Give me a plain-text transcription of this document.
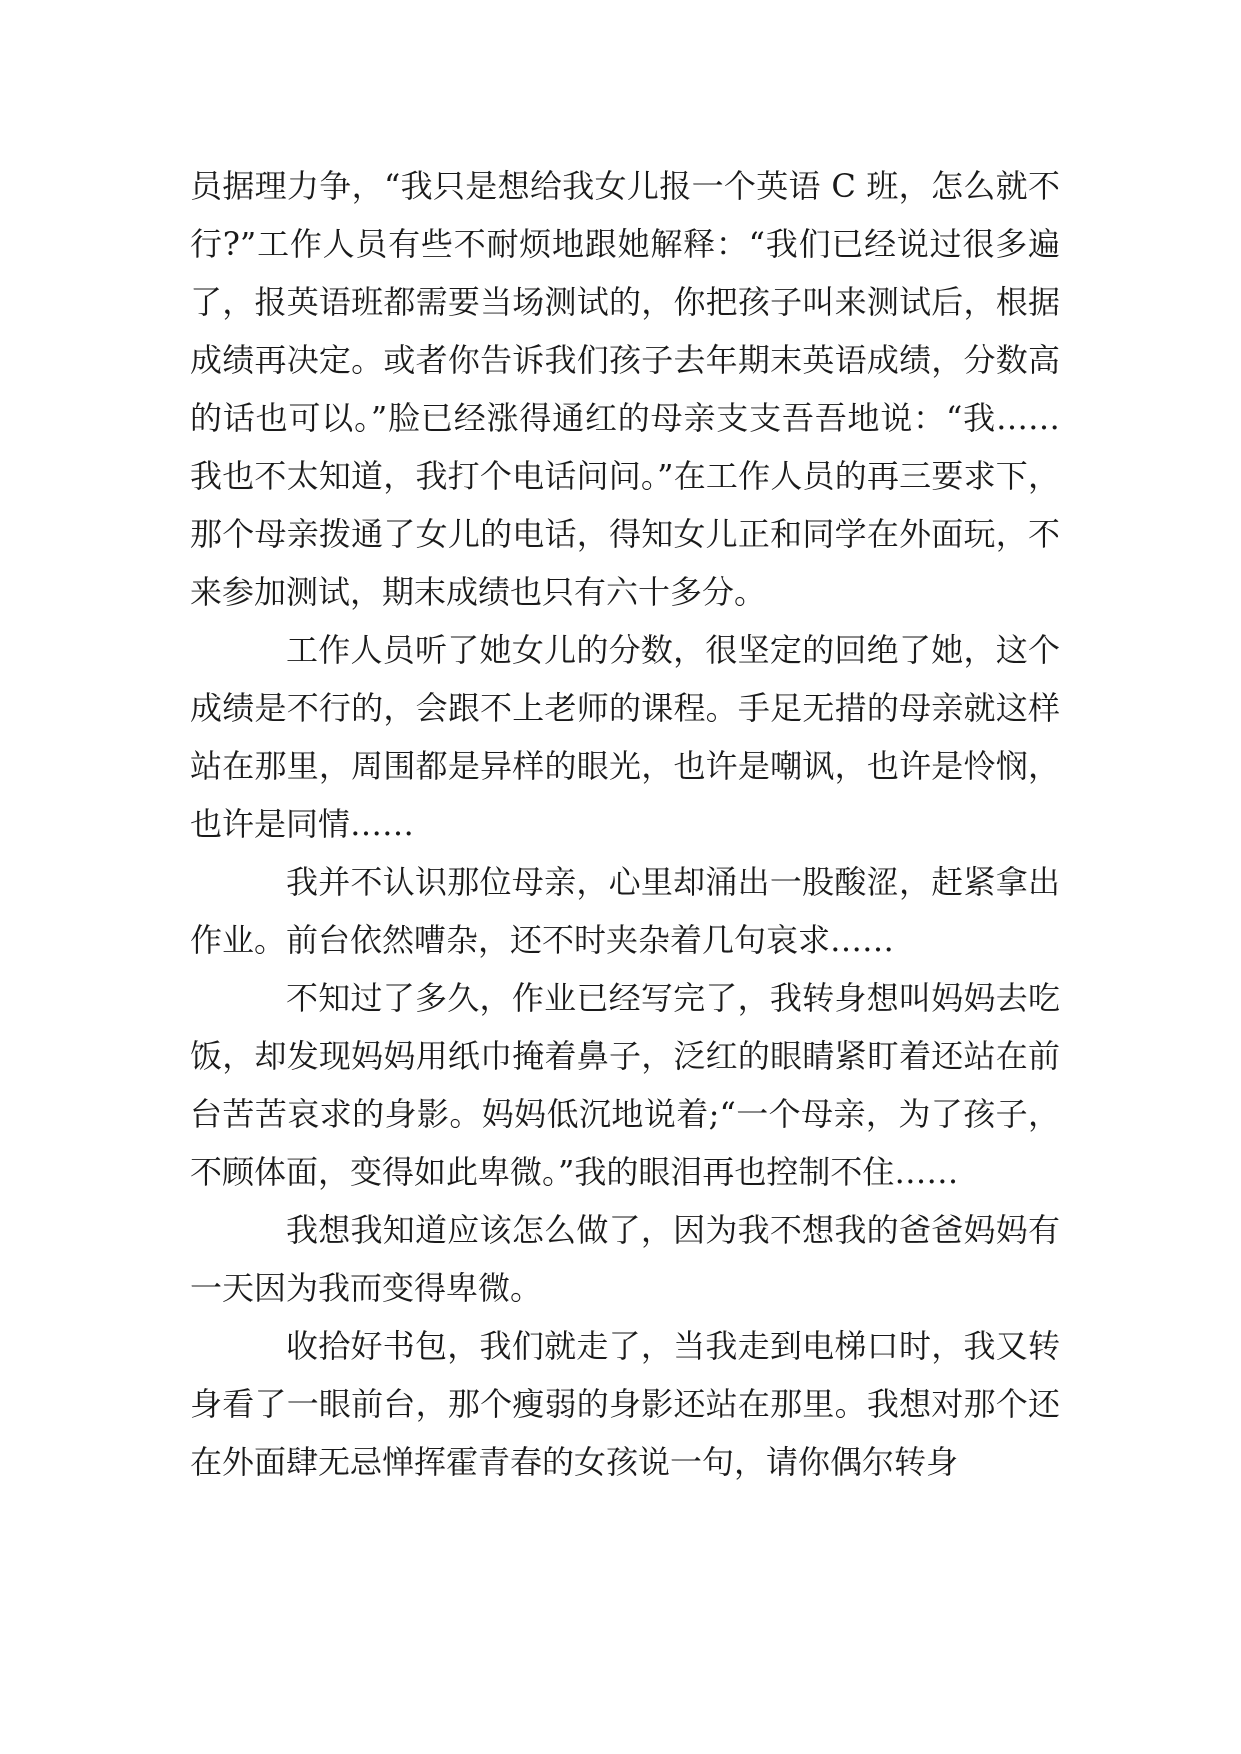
员据理力争，“我只是想给我女儿报一个英语 C 班，怎么就不行?”工作人员有些不耐烦地跟她解释：“我们已经说过很多遍了，报英语班都需要当场测试的，你把孩子叫来测试后，根据成绩再决定。或者你告诉我们孩子去年期末英语成绩，分数高的话也可以。”脸已经涨得通红的母亲支支吾吾地说：“我……我也不太知道，我打个电话问问。”在工作人员的再三要求下，那个母亲拨通了女儿的电话，得知女儿正和同学在外面玩，不来参加测试，期末成绩也只有六十多分。

工作人员听了她女儿的分数，很坚定的回绝了她，这个成绩是不行的，会跟不上老师的课程。手足无措的母亲就这样站在那里，周围都是异样的眼光，也许是嘲讽，也许是怜悯，也许是同情……

我并不认识那位母亲，心里却涌出一股酸涩，赶紧拿出作业。前台依然嘈杂，还不时夹杂着几句哀求……

不知过了多久，作业已经写完了，我转身想叫妈妈去吃饭，却发现妈妈用纸巾掩着鼻子，泛红的眼睛紧盯着还站在前台苦苦哀求的身影。妈妈低沉地说着;“一个母亲，为了孩子，不顾体面，变得如此卑微。”我的眼泪再也控制不住……

我想我知道应该怎么做了，因为我不想我的爸爸妈妈有一天因为我而变得卑微。

收拾好书包，我们就走了，当我走到电梯口时，我又转身看了一眼前台，那个瘦弱的身影还站在那里。我想对那个还在外面肆无忌惮挥霍青春的女孩说一句，请你偶尔转身
